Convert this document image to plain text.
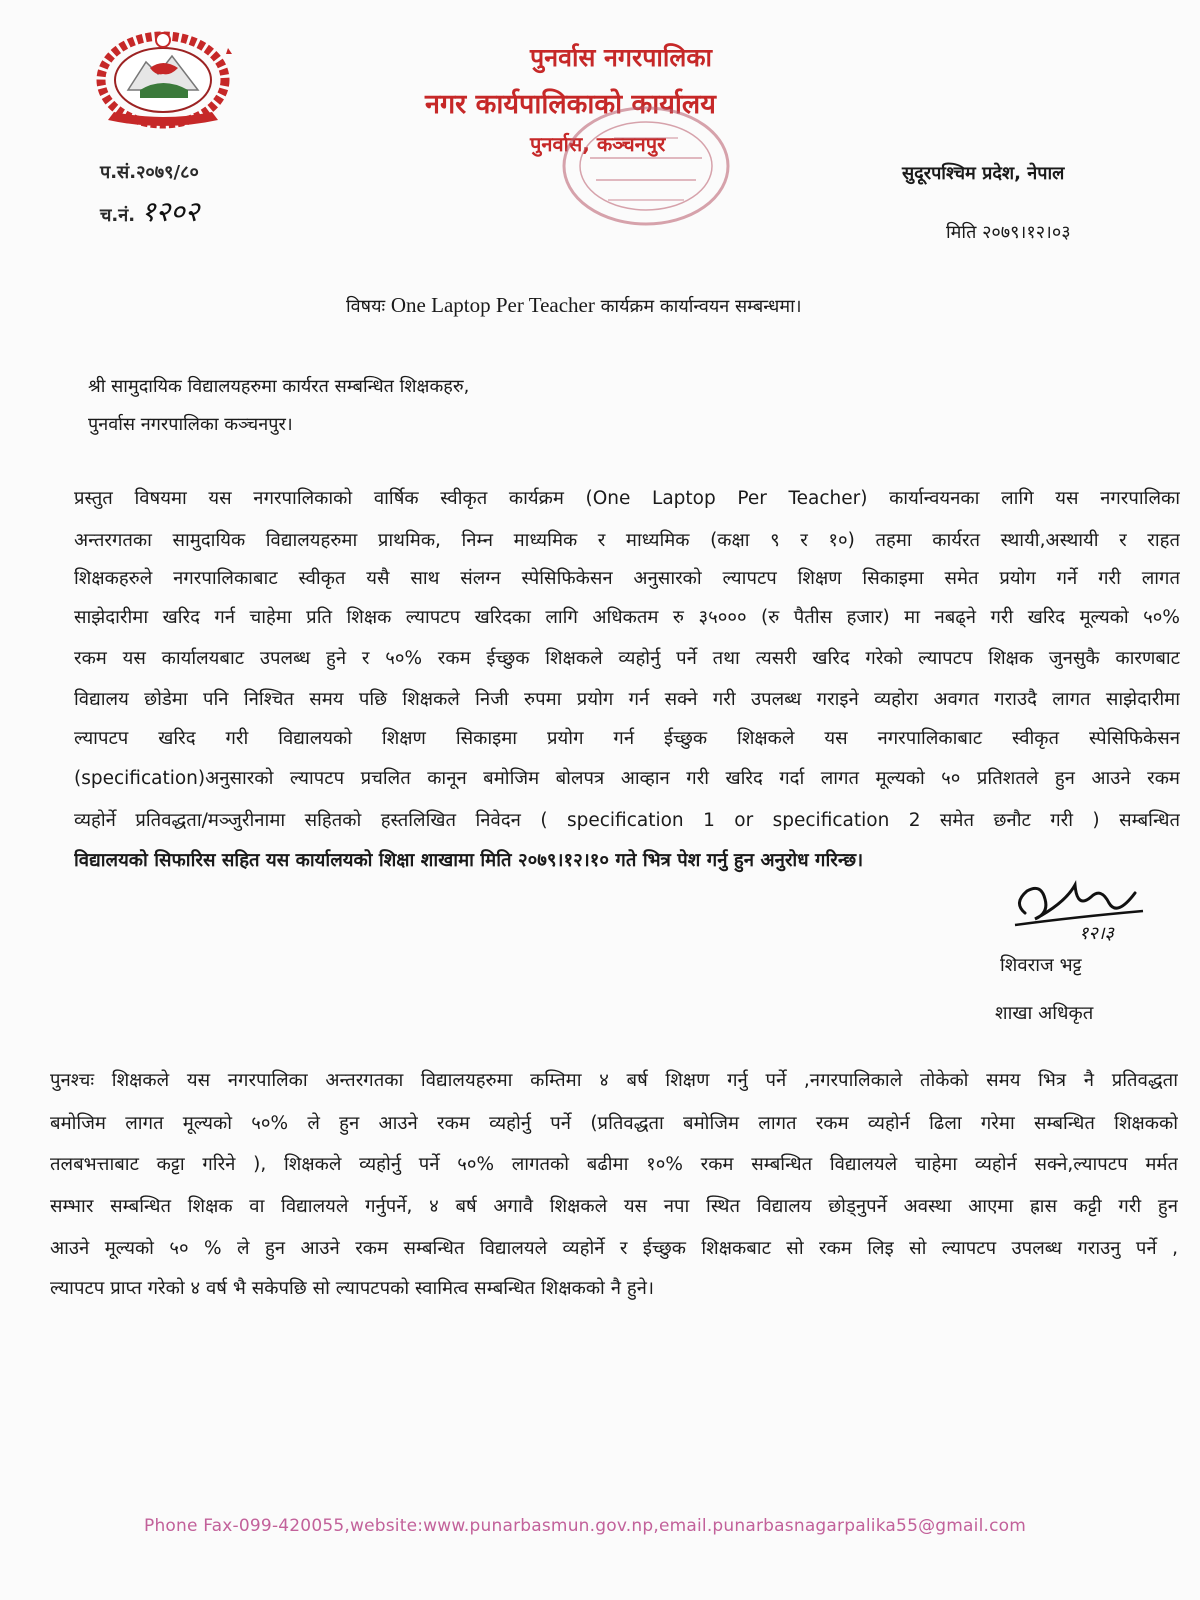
पुनर्वास नगरपालिका
नगर कार्यपालिकाको कार्यालय
पुनर्वास, कञ्चनपुर
प.सं.२०७९/८०
च.नं. १२०२
सुदूरपश्चिम प्रदेश, नेपाल
मिति २०७९।१२।०३
विषयः One Laptop Per Teacher कार्यक्रम कार्यान्वयन सम्बन्धमा।
श्री सामुदायिक विद्यालयहरुमा कार्यरत सम्बन्धित शिक्षकहरु,
पुनर्वास नगरपालिका कञ्चनपुर।
प्रस्तुत विषयमा यस नगरपालिकाको वार्षिक स्वीकृत कार्यक्रम (One Laptop Per Teacher) कार्यान्वयनका लागि यस नगरपालिका
अन्तरगतका सामुदायिक विद्यालयहरुमा प्राथमिक, निम्न माध्यमिक र माध्यमिक (कक्षा ९ र १०) तहमा कार्यरत स्थायी,अस्थायी र राहत
शिक्षकहरुले नगरपालिकाबाट स्वीकृत यसै साथ संलग्न स्पेसिफिकेसन अनुसारको ल्यापटप शिक्षण सिकाइमा समेत प्रयोग गर्ने गरी लागत
साझेदारीमा खरिद गर्न चाहेमा प्रति शिक्षक ल्यापटप खरिदका लागि अधिकतम रु ३५००० (रु पैतीस हजार) मा नबढ्ने गरी खरिद मूल्यको ५०%
रकम यस कार्यालयबाट उपलब्ध हुने र ५०% रकम ईच्छुक शिक्षकले व्यहोर्नु पर्ने तथा त्यसरी खरिद गरेको ल्यापटप शिक्षक जुनसुकै कारणबाट
विद्यालय छोडेमा पनि निश्चित समय पछि शिक्षकले निजी रुपमा प्रयोग गर्न सक्ने गरी उपलब्ध गराइने व्यहोरा अवगत गराउदै लागत साझेदारीमा
ल्यापटप खरिद गरी विद्यालयको शिक्षण सिकाइमा प्रयोग गर्न ईच्छुक शिक्षकले यस नगरपालिकाबाट स्वीकृत स्पेसिफिकेसन
(specification)अनुसारको ल्यापटप प्रचलित कानून बमोजिम बोलपत्र आव्हान गरी खरिद गर्दा लागत मूल्यको ५० प्रतिशतले हुन आउने रकम
व्यहोर्ने प्रतिवद्धता/मञ्जुरीनामा सहितको हस्तलिखित निवेदन ( specification 1 or specification 2 समेत छनौट गरी ) सम्बन्धित
विद्यालयको सिफारिस सहित यस कार्यालयको शिक्षा शाखामा मिति २०७९।१२।१० गते भित्र पेश गर्नु हुन अनुरोध गरिन्छ।
१२।३
शिवराज भट्ट
शाखा अधिकृत
पुनश्चः शिक्षकले यस नगरपालिका अन्तरगतका विद्यालयहरुमा कम्तिमा ४ बर्ष शिक्षण गर्नु पर्ने ,नगरपालिकाले तोकेको समय भित्र नै प्रतिवद्धता
बमोजिम लागत मूल्यको ५०% ले हुन आउने रकम व्यहोर्नु पर्ने (प्रतिवद्धता बमोजिम लागत रकम व्यहोर्न ढिला गरेमा सम्बन्धित शिक्षकको
तलबभत्ताबाट कट्टा गरिने ), शिक्षकले व्यहोर्नु पर्ने ५०% लागतको बढीमा १०% रकम सम्बन्धित विद्यालयले चाहेमा व्यहोर्न सक्ने,ल्यापटप मर्मत
सम्भार सम्बन्धित शिक्षक वा विद्यालयले गर्नुपर्ने, ४ बर्ष अगावै शिक्षकले यस नपा स्थित विद्यालय छोड्नुपर्ने अवस्था आएमा ह्रास कट्टी गरी हुन
आउने मूल्यको ५० % ले हुन आउने रकम सम्बन्धित विद्यालयले व्यहोर्ने र ईच्छुक शिक्षकबाट सो रकम लिइ सो ल्यापटप उपलब्ध गराउनु पर्ने ,
ल्यापटप प्राप्त गरेको ४ वर्ष भै सकेपछि सो ल्यापटपको स्वामित्व सम्बन्धित शिक्षकको नै हुने।
Phone Fax-099-420055,website:www.punarbasmun.gov.np,email.punarbasnagarpalika55@gmail.com
